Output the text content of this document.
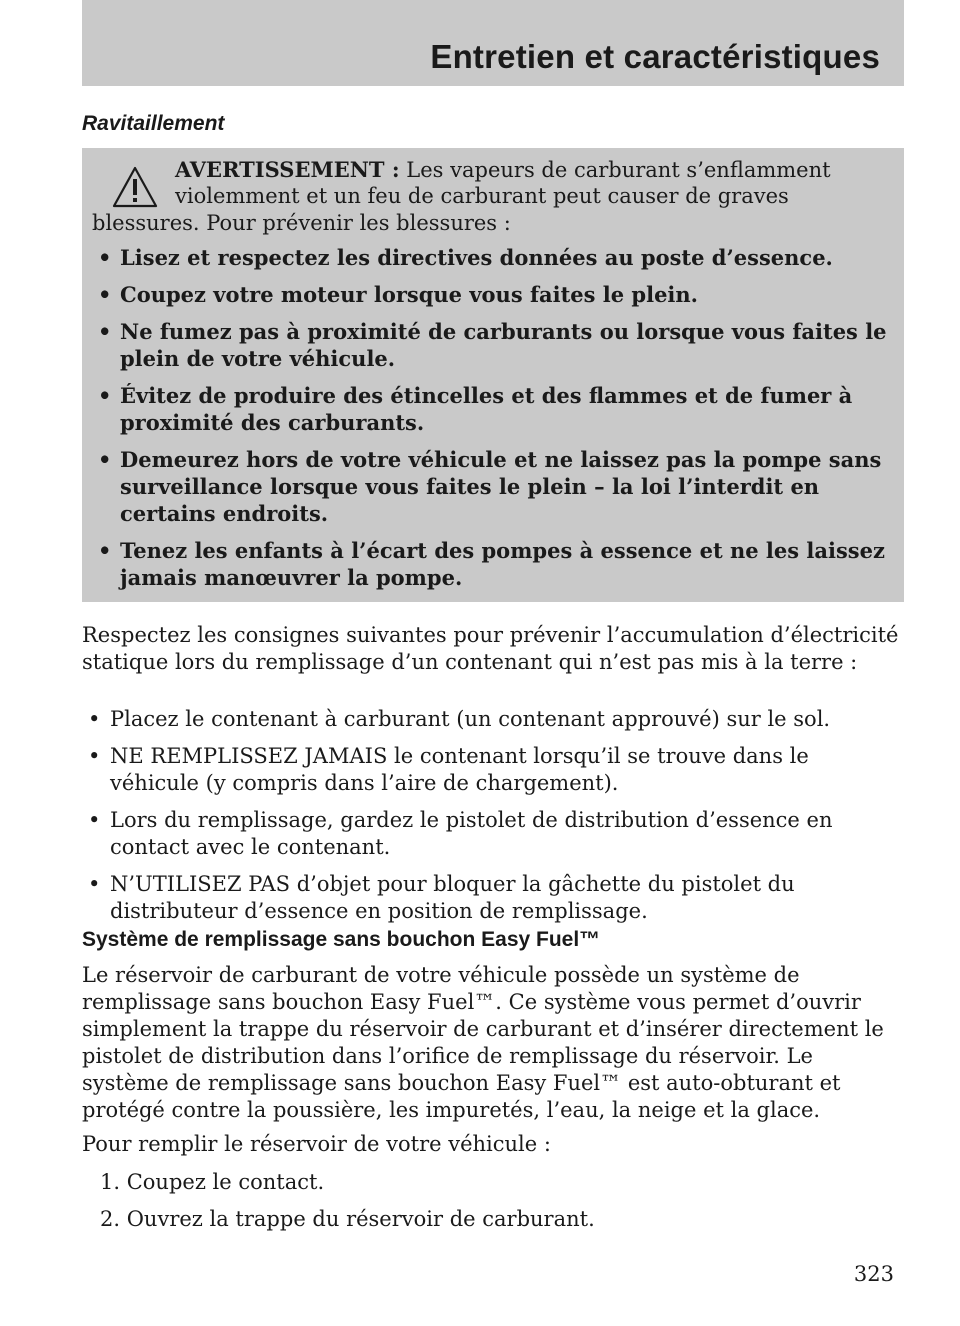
Entretien et caractéristiques
Ravitaillement
AVERTISSEMENT : Les vapeurs de carburant s’enflamment
violemment et un feu de carburant peut causer de graves
blessures. Pour prévenir les blessures :
• Lisez et respectez les directives données au poste d’essence.
• Coupez votre moteur lorsque vous faites le plein.
• Ne fumez pas à proximité de carburants ou lorsque vous faites le plein de votre véhicule.
• Évitez de produire des étincelles et des flammes et de fumer à proximité des carburants.
• Demeurez hors de votre véhicule et ne laissez pas la pompe sans surveillance lorsque vous faites le plein – la loi l’interdit en certains endroits.
• Tenez les enfants à l’écart des pompes à essence et ne les laissez jamais manœuvrer la pompe.
Respectez les consignes suivantes pour prévenir l’accumulation d’électricité statique lors du remplissage d’un contenant qui n’est pas mis à la terre :
• Placez le contenant à carburant (un contenant approuvé) sur le sol.
• NE REMPLISSEZ JAMAIS le contenant lorsqu’il se trouve dans le véhicule (y compris dans l’aire de chargement).
• Lors du remplissage, gardez le pistolet de distribution d’essence en contact avec le contenant.
• N’UTILISEZ PAS d’objet pour bloquer la gâchette du pistolet du distributeur d’essence en position de remplissage.
Système de remplissage sans bouchon Easy Fuel™
Le réservoir de carburant de votre véhicule possède un système de remplissage sans bouchon Easy Fuel™. Ce système vous permet d’ouvrir simplement la trappe du réservoir de carburant et d’insérer directement le pistolet de distribution dans l’orifice de remplissage du réservoir. Le système de remplissage sans bouchon Easy Fuel™ est auto-obturant et protégé contre la poussière, les impuretés, l’eau, la neige et la glace.
Pour remplir le réservoir de votre véhicule :
1. Coupez le contact.
2. Ouvrez la trappe du réservoir de carburant.
323
